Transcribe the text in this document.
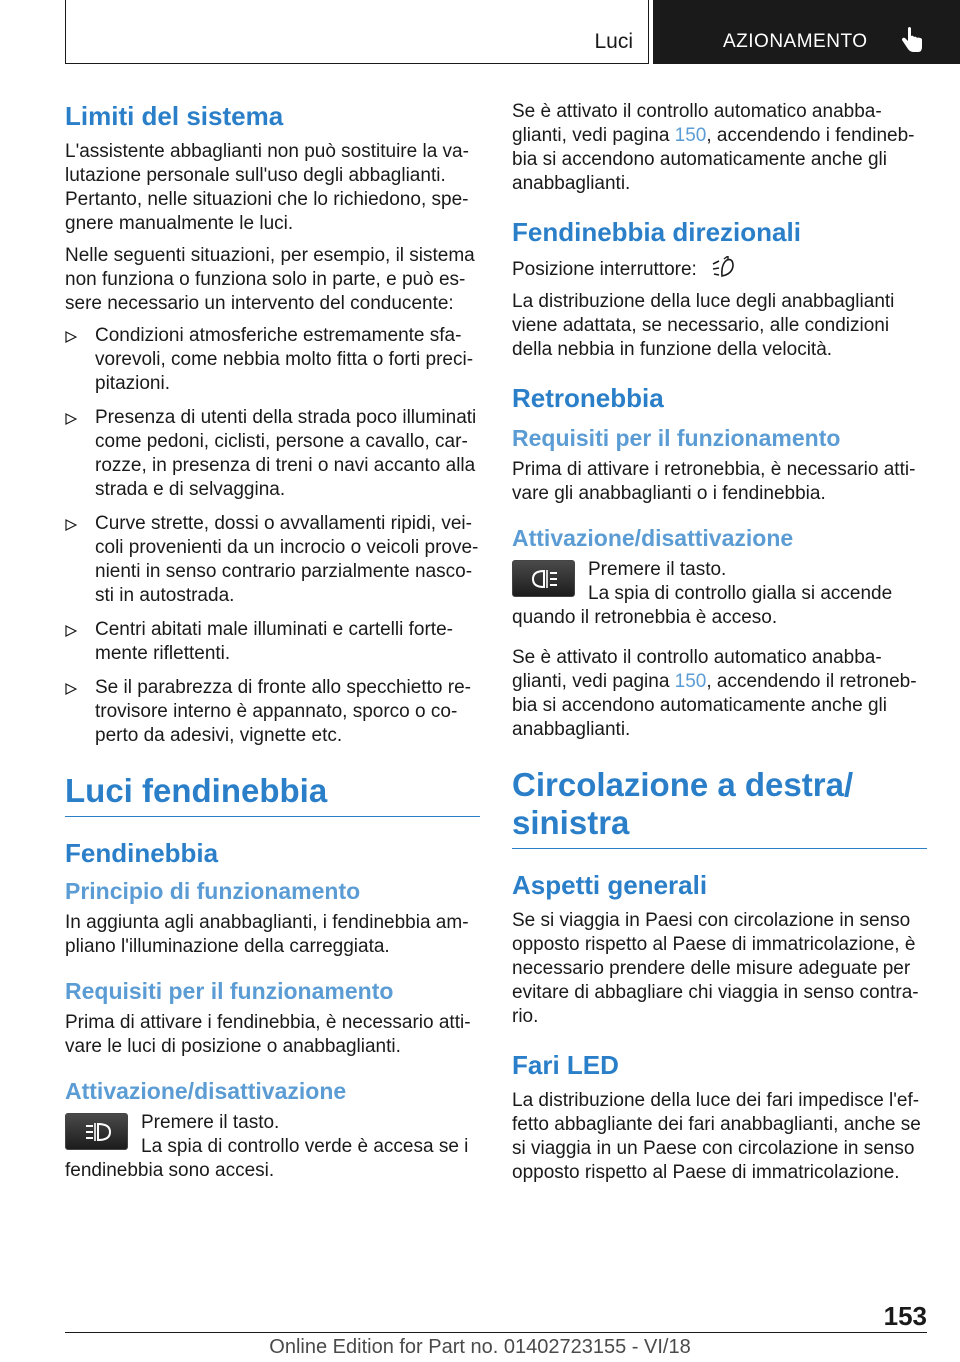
Luci	AZIONAMENTO
Limiti del sistema

L'assistente abbaglianti non può sostituire la va-lutazione personale sull'uso degli abbaglianti. Pertanto, nelle situazioni che lo richiedono, spe-gnere manualmente le luci.

Nelle seguenti situazioni, per esempio, il sistema non funziona o funziona solo in parte, e può es-sere necessario un intervento del conducente:

Condizioni atmosferiche estremamente sfa-vorevoli, come nebbia molto fitta o forti preci-pitazioni.
Presenza di utenti della strada poco illuminati come pedoni, ciclisti, persone a cavallo, car-rozze, in presenza di treni o navi accanto alla strada e di selvaggina.
Curve strette, dossi o avvallamenti ripidi, vei-coli provenienti da un incrocio o veicoli prove-nienti in senso contrario parzialmente nasco-sti in autostrada.
Centri abitati male illuminati e cartelli forte-mente riflettenti.
Se il parabrezza di fronte allo specchietto re-trovisore interno è appannato, sporco o co-perto da adesivi, vignette etc.
Luci fendinebbia
Fendinebbia
Principio di funzionamento

In aggiunta agli anabbaglianti, i fendinebbia am-pliano l'illuminazione della carreggiata.

Requisiti per il funzionamento

Prima di attivare i fendinebbia, è necessario atti-vare le luci di posizione o anabbaglianti.

Attivazione/disattivazione

Premere il tasto.

La spia di controllo verde è accesa se i fendinebbia sono accesi.

Se è attivato il controllo automatico anabba-glianti, vedi pagina 150, accendendo i fendineb-bia si accendono automaticamente anche gli anabbaglianti.

Fendinebbia direzionali

Posizione interruttore:

La distribuzione della luce degli anabbaglianti viene adattata, se necessario, alle condizioni della nebbia in funzione della velocità.

Retronebbia
Requisiti per il funzionamento

Prima di attivare i retronebbia, è necessario atti-vare gli anabbaglianti o i fendinebbia.

Attivazione/disattivazione

Premere il tasto.

La spia di controllo gialla si accende quando il retronebbia è acceso.

Se è attivato il controllo automatico anabba-glianti, vedi pagina 150, accendendo il retroneb-bia si accendono automaticamente anche gli anabbaglianti.

Circolazione a destra/ sinistra
Aspetti generali

Se si viaggia in Paesi con circolazione in senso opposto rispetto al Paese di immatricolazione, è necessario prendere delle misure adeguate per evitare di abbagliare chi viaggia in senso contra-rio.

Fari LED

La distribuzione della luce dei fari impedisce l'ef-fetto abbagliante dei fari anabbaglianti, anche se si viaggia in un Paese con circolazione in senso opposto rispetto al Paese di immatricolazione.

153
Online Edition for Part no. 01402723155 - VI/18
